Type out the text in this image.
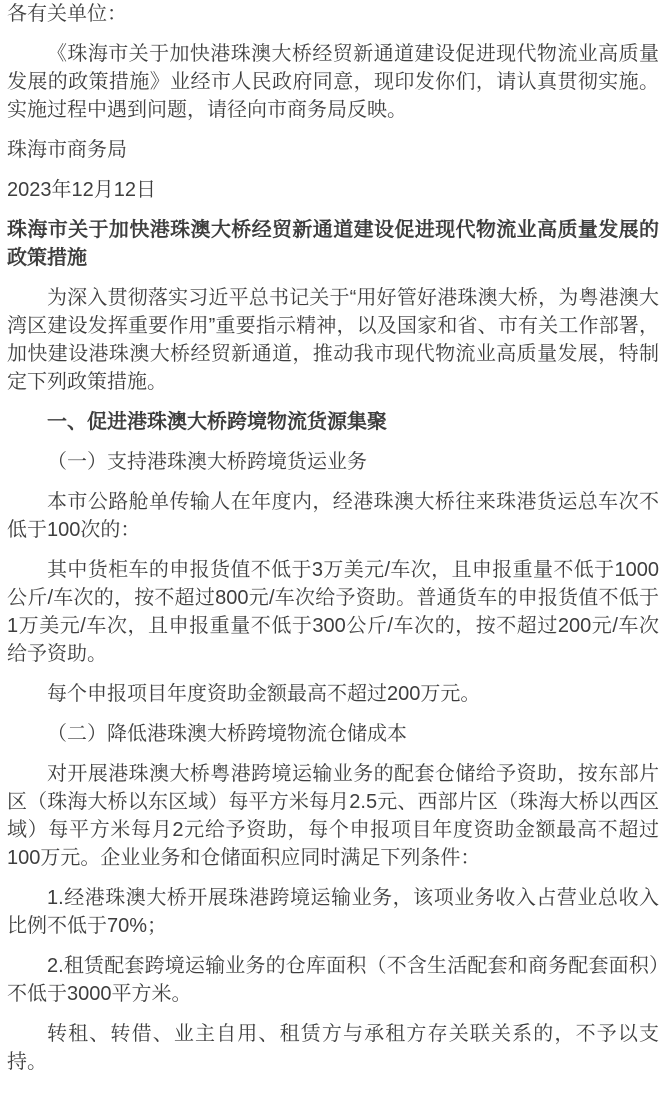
各有关单位：

《珠海市关于加快港珠澳大桥经贸新通道建设促进现代物流业高质量发展的政策措施》业经市人民政府同意，现印发你们，请认真贯彻实施。实施过程中遇到问题，请径向市商务局反映。

珠海市商务局

2023年12月12日

珠海市关于加快港珠澳大桥经贸新通道建设促进现代物流业高质量发展的政策措施

为深入贯彻落实习近平总书记关于“用好管好港珠澳大桥，为粤港澳大湾区建设发挥重要作用”重要指示精神，以及国家和省、市有关工作部署，加快建设港珠澳大桥经贸新通道，推动我市现代物流业高质量发展，特制定下列政策措施。

一、促进港珠澳大桥跨境物流货源集聚

（一）支持港珠澳大桥跨境货运业务

本市公路舱单传输人在年度内，经港珠澳大桥往来珠港货运总车次不低于100次的：

其中货柜车的申报货值不低于3万美元/车次，且申报重量不低于1000公斤/车次的，按不超过800元/车次给予资助。普通货车的申报货值不低于1万美元/车次，且申报重量不低于300公斤/车次的，按不超过200元/车次给予资助。

每个申报项目年度资助金额最高不超过200万元。

（二）降低港珠澳大桥跨境物流仓储成本

对开展港珠澳大桥粤港跨境运输业务的配套仓储给予资助，按东部片区（珠海大桥以东区域）每平方米每月2.5元、西部片区（珠海大桥以西区域）每平方米每月2元给予资助，每个申报项目年度资助金额最高不超过100万元。企业业务和仓储面积应同时满足下列条件：

1.经港珠澳大桥开展珠港跨境运输业务，该项业务收入占营业总收入比例不低于70%；

2.租赁配套跨境运输业务的仓库面积（不含生活配套和商务配套面积）不低于3000平方米。

转租、转借、业主自用、租赁方与承租方存关联关系的，不予以支持。
